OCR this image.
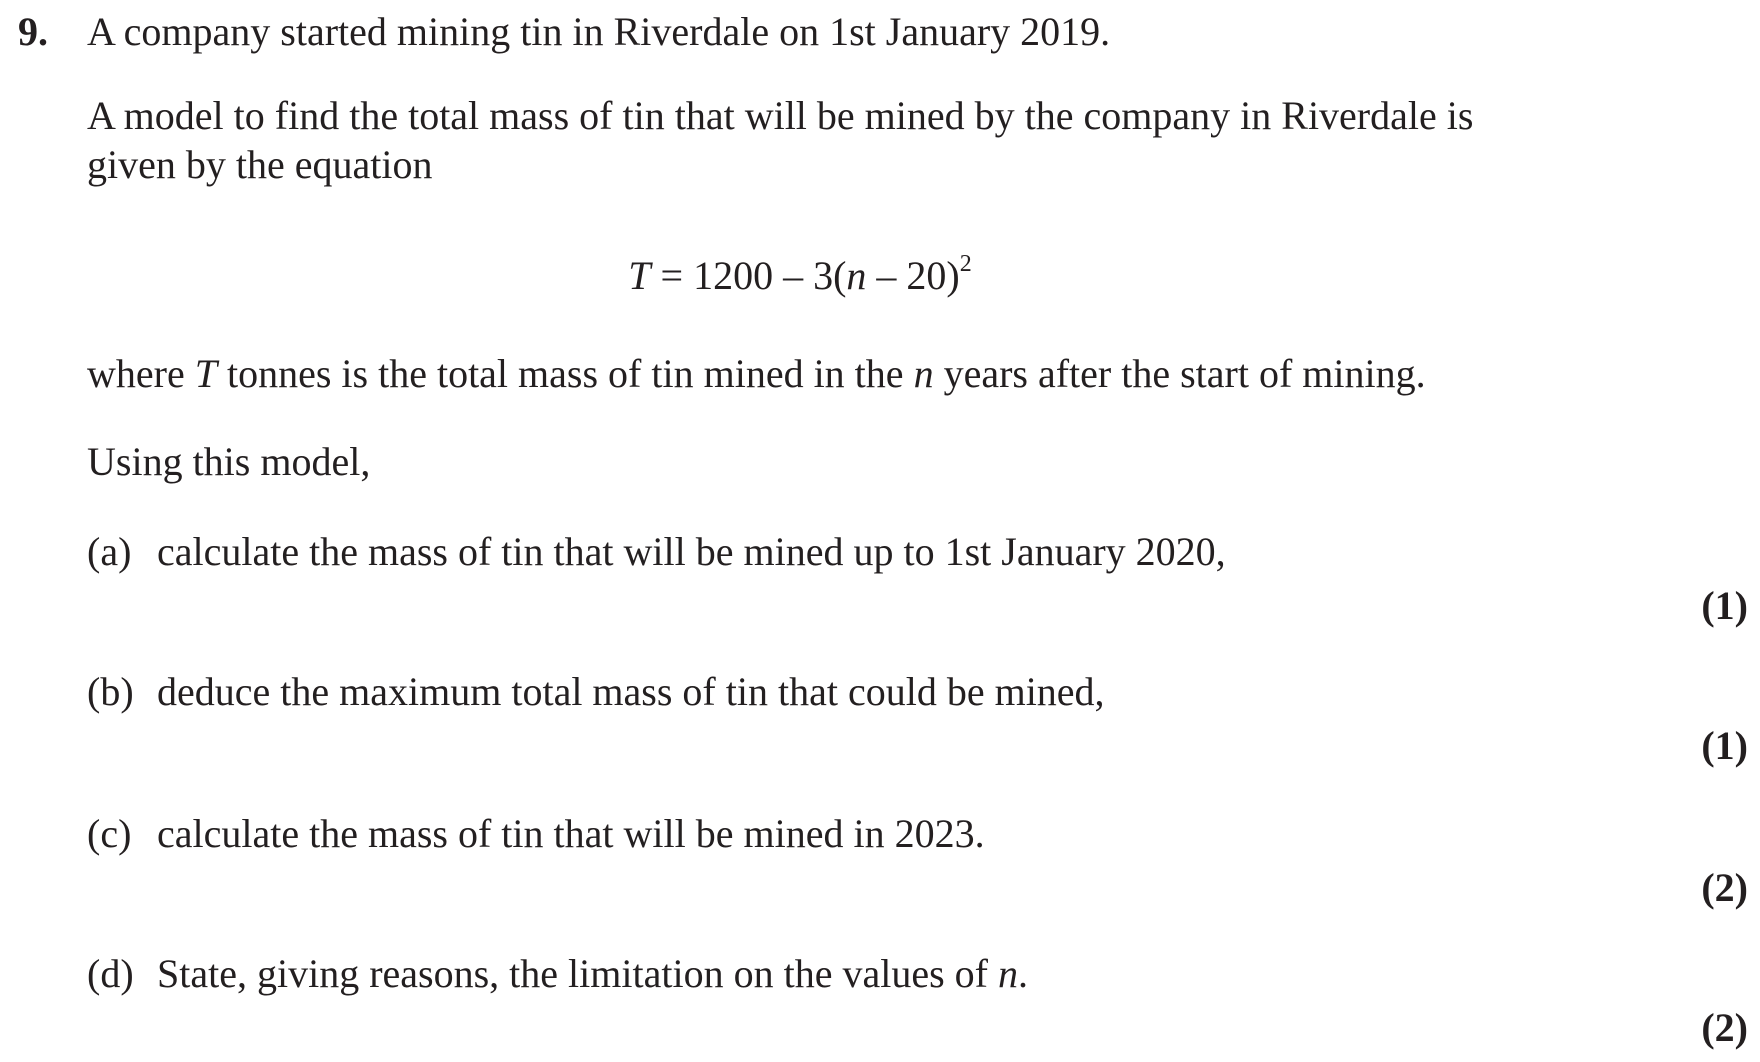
9. A company started mining tin in Riverdale on 1st January 2019.
A model to find the total mass of tin that will be mined by the company in Riverdale is
given by the equation
T = 1200 – 3(n – 20)$^2$
where T tonnes is the total mass of tin mined in the n years after the start of mining.
Using this model,
(a) calculate the mass of tin that will be mined up to 1st January 2020,
(1)
(b) deduce the maximum total mass of tin that could be mined,
(1)
(c) calculate the mass of tin that will be mined in 2023.
(2)
(d) State, giving reasons, the limitation on the values of n.
(2)
